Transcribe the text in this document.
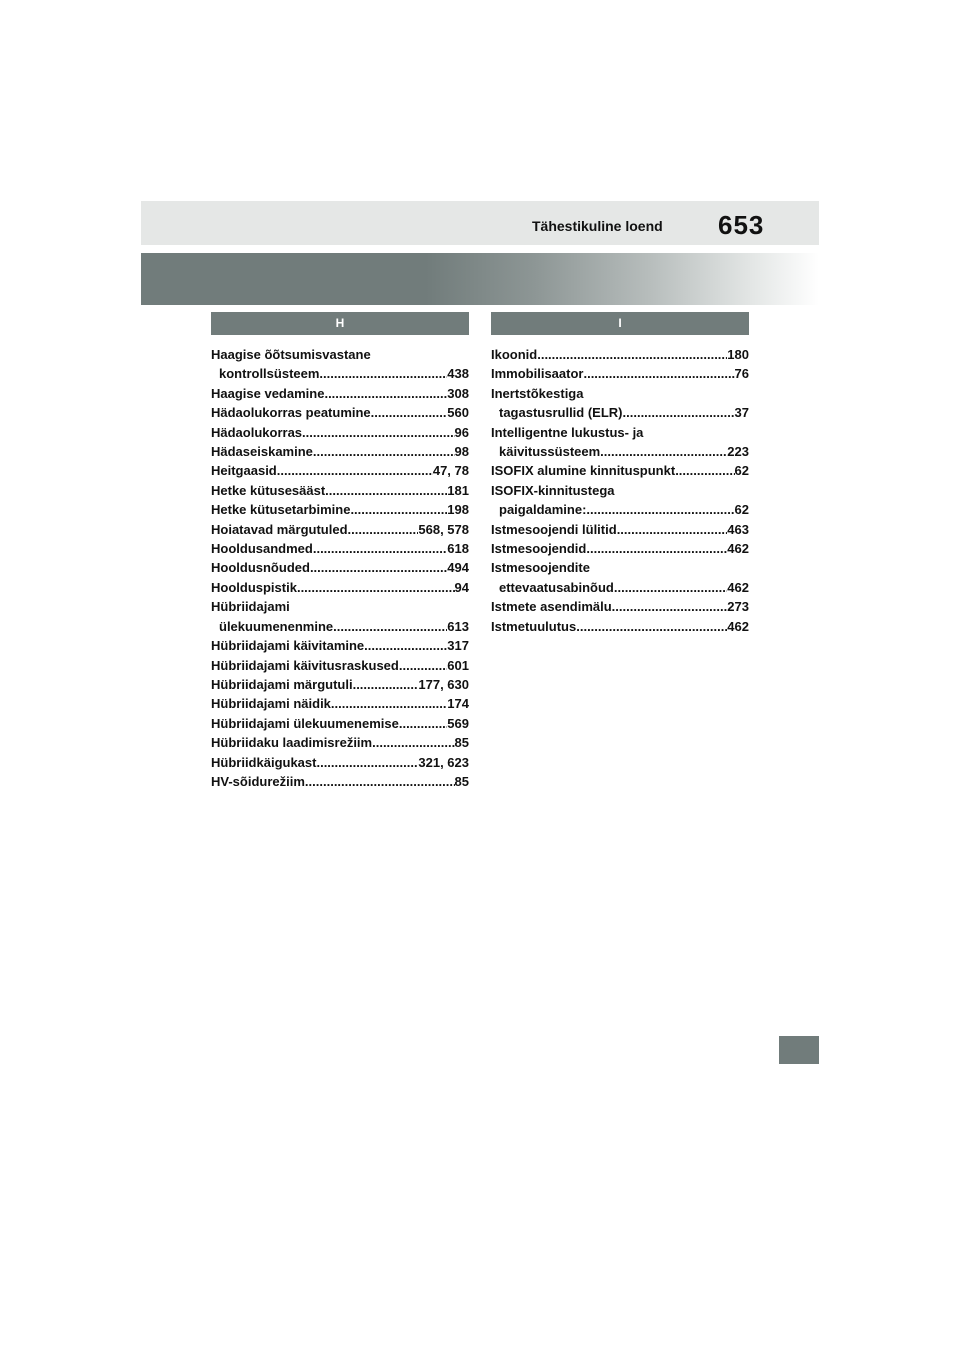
Tähestikuline loend 653
H
Haagise õõtsumisvastane
kontrollsüsteem .....	438
Haagise vedamine .....	308
Hädaolukorras peatumine .....	560
Hädaolukorras .....	96
Hädaseiskamine .....	98
Heitgaasid .....	47, 78
Hetke kütusesääst .....	181
Hetke kütusetarbimine .....	198
Hoiatavad märgutuled .....	568, 578
Hooldusandmed .....	618
Hooldusnõuded .....	494
Hoolduspistik .....	94
Hübriidajami
ülekuumenenmine .....	613
Hübriidajami käivitamine .....	317
Hübriidajami käivitusraskused .....	601
Hübriidajami märgutuli .....	177, 630
Hübriidajami näidik .....	174
Hübriidajami ülekuumenemise .....	569
Hübriidaku laadimisrežiim .....	85
Hübriidkäigukast .....	321, 623
HV-sõidurežiim .....	85
I
Ikoonid .....	180
Immobilisaator .....	76
Inertstõkestiga
tagastusrullid (ELR) .....	37
Intelligentne lukustus- ja
käivitussüsteem .....	223
ISOFIX alumine kinnituspunkt .....	62
ISOFIX-kinnitustega
paigaldamine: .....	62
Istmesoojendi lülitid .....	463
Istmesoojendid .....	462
Istmesoojendite
ettevaatusabinõud .....	462
Istmete asendimälu .....	273
Istmetuulutus .....	462
